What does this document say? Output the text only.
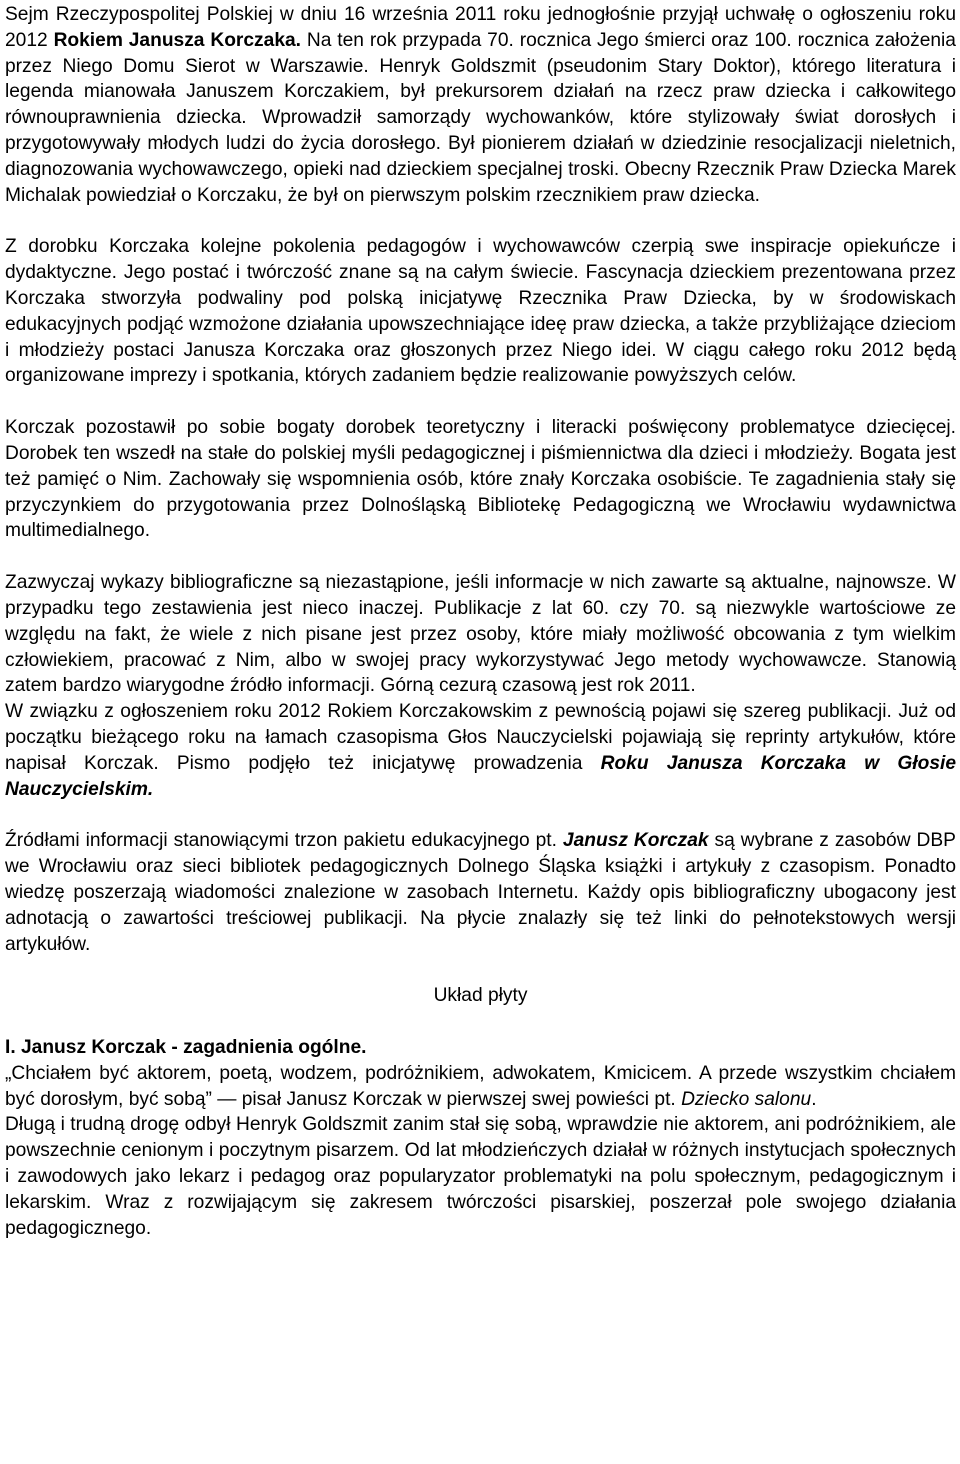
Sejm Rzeczypospolitej Polskiej w dniu 16 września 2011 roku jednogłośnie przyjął uchwałę o ogłoszeniu roku 2012 Rokiem Janusza Korczaka. Na ten rok przypada 70. rocznica Jego śmierci oraz 100. rocznica założenia przez Niego Domu Sierot w Warszawie. Henryk Goldszmit (pseudonim Stary Doktor), którego literatura i legenda mianowała Januszem Korczakiem, był prekursorem działań na rzecz praw dziecka i całkowitego równouprawnienia dziecka. Wprowadził samorządy wychowanków, które stylizowały świat dorosłych i przygotowywały młodych ludzi do życia dorosłego. Był pionierem działań w dziedzinie resocjalizacji nieletnich, diagnozowania wychowawczego, opieki nad dzieckiem specjalnej troski. Obecny Rzecznik Praw Dziecka Marek Michalak powiedział o Korczaku, że był on pierwszym polskim rzecznikiem praw dziecka.

Z dorobku Korczaka kolejne pokolenia pedagogów i wychowawców czerpią swe inspiracje opiekuńcze i dydaktyczne. Jego postać i twórczość znane są na całym świecie. Fascynacja dzieckiem prezentowana przez Korczaka stworzyła podwaliny pod polską inicjatywę Rzecznika Praw Dziecka, by w środowiskach edukacyjnych podjąć wzmożone działania upowszechniające ideę praw dziecka, a także przybliżające dzieciom i młodzieży postaci Janusza Korczaka oraz głoszonych przez Niego idei. W ciągu całego roku 2012 będą organizowane imprezy i spotkania, których zadaniem będzie realizowanie powyższych celów.

Korczak pozostawił po sobie bogaty dorobek teoretyczny i literacki poświęcony problematyce dziecięcej. Dorobek ten wszedł na stałe do polskiej myśli pedagogicznej i piśmiennictwa dla dzieci i młodzieży. Bogata jest też pamięć o Nim. Zachowały się wspomnienia osób, które znały Korczaka osobiście. Te zagadnienia stały się przyczynkiem do przygotowania przez Dolnośląską Bibliotekę Pedagogiczną we Wrocławiu wydawnictwa multimedialnego.

Zazwyczaj wykazy bibliograficzne są niezastąpione, jeśli informacje w nich zawarte są aktualne, najnowsze. W przypadku tego zestawienia jest nieco inaczej. Publikacje z lat 60. czy 70. są niezwykle wartościowe ze względu na fakt, że wiele z nich pisane jest przez osoby, które miały możliwość obcowania z tym wielkim człowiekiem, pracować z Nim, albo w swojej pracy wykorzystywać Jego metody wychowawcze. Stanowią zatem bardzo wiarygodne źródło informacji. Górną cezurą czasową jest rok 2011.

W związku z ogłoszeniem roku 2012 Rokiem Korczakowskim z pewnością pojawi się szereg publikacji. Już od początku bieżącego roku na łamach czasopisma Głos Nauczycielski pojawiają się reprinty artykułów, które napisał Korczak. Pismo podjęło też inicjatywę prowadzenia Roku Janusza Korczaka w Głosie Nauczycielskim.

Źródłami informacji stanowiącymi trzon pakietu edukacyjnego pt. Janusz Korczak są wybrane z zasobów DBP we Wrocławiu oraz sieci bibliotek pedagogicznych Dolnego Śląska książki i artykuły z czasopism. Ponadto wiedzę poszerzają wiadomości znalezione w zasobach Internetu. Każdy opis bibliograficzny ubogacony jest adnotacją o zawartości treściowej publikacji. Na płycie znalazły się też linki do pełnotekstowych wersji artykułów.

Układ płyty

I. Janusz Korczak - zagadnienia ogólne.

„Chciałem być aktorem, poetą, wodzem, podróżnikiem, adwokatem, Kmicicem. A przede wszystkim chciałem być dorosłym, być sobą” — pisał Janusz Korczak w pierwszej swej powieści pt. Dziecko salonu.

Długą i trudną drogę odbył Henryk Goldszmit zanim stał się sobą, wprawdzie nie aktorem, ani podróżnikiem, ale powszechnie cenionym i poczytnym pisarzem. Od lat młodzieńczych działał w różnych instytucjach społecznych i zawodowych jako lekarz i pedagog oraz popularyzator problematyki na polu społecznym, pedagogicznym i lekarskim. Wraz z rozwijającym się zakresem twórczości pisarskiej, poszerzał pole swojego działania pedagogicznego.
